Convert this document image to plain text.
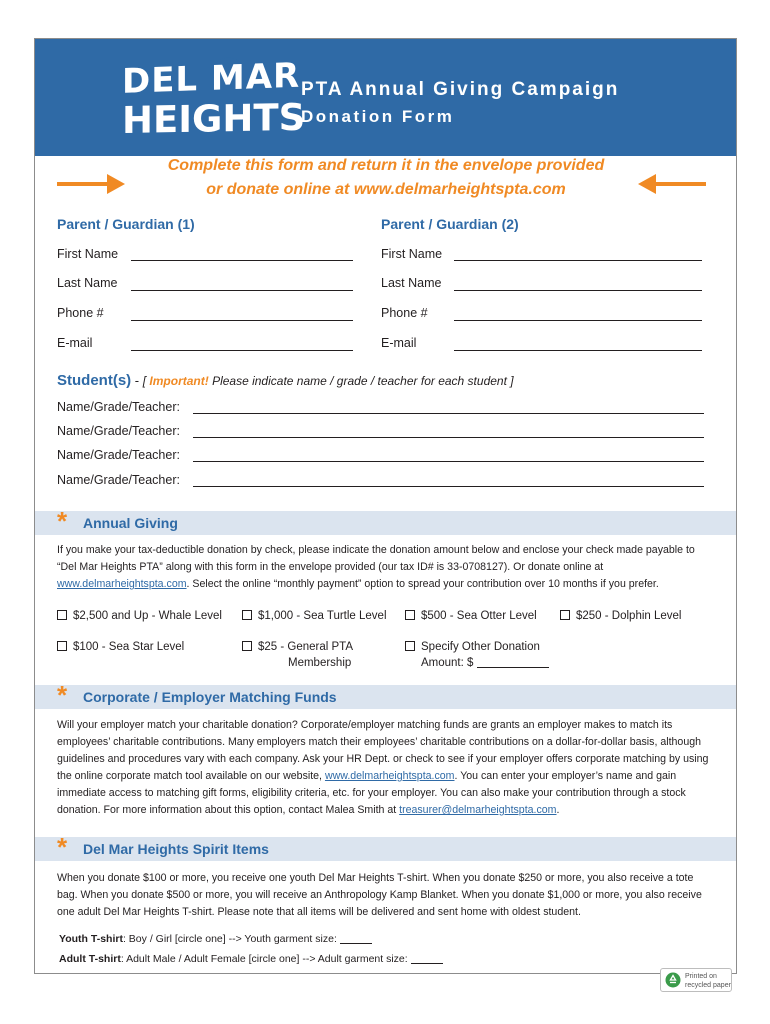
DEL MAR
HEIGHTS
PTA Annual Giving Campaign
Donation Form
Complete this form and return it in the envelope provided
or donate online at www.delmarheightspta.com
Parent / Guardian (1)
First Name
Last Name
Phone #
E-mail
Parent / Guardian (2)
First Name
Last Name
Phone #
E-mail
Student(s) - [ Important! Please indicate name / grade / teacher for each student ]
Name/Grade/Teacher:
Name/Grade/Teacher:
Name/Grade/Teacher:
Name/Grade/Teacher:
* Annual Giving
If you make your tax-deductible donation by check, please indicate the donation amount below and enclose your check made payable to “Del Mar Heights PTA” along with this form in the envelope provided (our tax ID# is 33-0708127). Or donate online at www.delmarheightspta.com. Select the online “monthly payment” option to spread your contribution over 10 months if you prefer.
$2,500 and Up - Whale Level	$1,000 - Sea Turtle Level	$500 - Sea Otter Level	$250 - Dolphin Level
$100 - Sea Star Level	$25 - General PTA
Membership
Specify Other Donation
Amount: $
* Corporate / Employer Matching Funds
Will your employer match your charitable donation? Corporate/employer matching funds are grants an employer makes to match its employees’ charitable contributions. Many employers match their employees’ charitable contributions on a dollar-for-dollar basis, although guidelines and procedures vary with each company. Ask your HR Dept. or check to see if your employer offers corporate matching by using the online corporate match tool available on our website, www.delmarheightspta.com. You can enter your employer’s name and gain immediate access to matching gift forms, eligibility criteria, etc. for your employer. You can also make your contribution through a stock donation. For more information about this option, contact Malea Smith at treasurer@delmarheightspta.com.
* Del Mar Heights Spirit Items
When you donate $100 or more, you receive one youth Del Mar Heights T-shirt. When you donate $250 or more, you also receive a tote bag. When you donate $500 or more, you will receive an Anthropology Kamp Blanket. When you donate $1,000 or more, you also receive one adult Del Mar Heights T-shirt. Please note that all items will be delivered and sent home with oldest student.
Youth T-shirt: Boy / Girl [circle one] --> Youth garment size:
Adult T-shirt: Adult Male / Adult Female [circle one] --> Adult garment size:
Printed on
recycled paper
